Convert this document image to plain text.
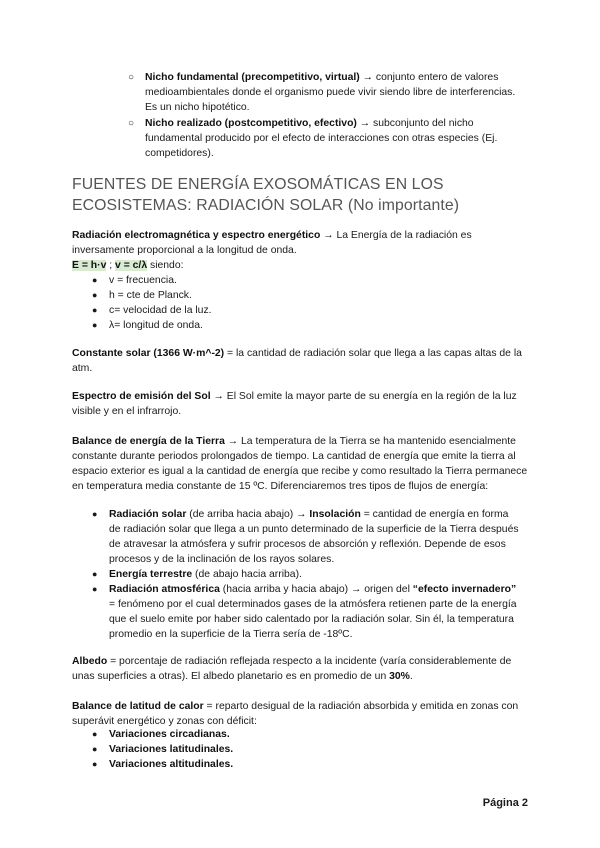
○ Nicho fundamental (precompetitivo, virtual) → conjunto entero de valores medioambientales donde el organismo puede vivir siendo libre de interferencias. Es un nicho hipotético.
○ Nicho realizado (postcompetitivo, efectivo) → subconjunto del nicho fundamental producido por el efecto de interacciones con otras especies (Ej. competidores).
FUENTES DE ENERGÍA EXOSOMÁTICAS EN LOS ECOSISTEMAS: RADIACIÓN SOLAR (No importante)

Radiación electromagnética y espectro energético → La Energía de la radiación es inversamente proporcional a la longitud de onda.

E = h·v ; v = c/λ siendo:

● v = frecuencia.
● h = cte de Planck.
● c= velocidad de la luz.
● λ= longitud de onda.

Constante solar (1366 W·m^-2) = la cantidad de radiación solar que llega a las capas altas de la atm.

Espectro de emisión del Sol → El Sol emite la mayor parte de su energía en la región de la luz visible y en el infrarrojo.

Balance de energía de la Tierra → La temperatura de la Tierra se ha mantenido esencialmente constante durante periodos prolongados de tiempo. La cantidad de energía que emite la tierra al espacio exterior es igual a la cantidad de energía que recibe y como resultado la Tierra permanece en temperatura media constante de 15 ºC. Diferenciaremos tres tipos de flujos de energía:

● Radiación solar (de arriba hacia abajo) → Insolación = cantidad de energía en forma de radiación solar que llega a un punto determinado de la superficie de la Tierra después de atravesar la atmósfera y sufrir procesos de absorción y reflexión. Depende de esos procesos y de la inclinación de los rayos solares.
● Energía terrestre (de abajo hacia arriba).
● Radiación atmosférica (hacia arriba y hacia abajo) → origen del “efecto invernadero” = fenómeno por el cual determinados gases de la atmósfera retienen parte de la energía que el suelo emite por haber sido calentado por la radiación solar. Sin él, la temperatura promedio en la superficie de la Tierra sería de -18ºC.

Albedo = porcentaje de radiación reflejada respecto a la incidente (varía considerablemente de unas superficies a otras). El albedo planetario es en promedio de un 30%.

Balance de latitud de calor = reparto desigual de la radiación absorbida y emitida en zonas con superávit energético y zonas con déficit:

● Variaciones circadianas.
● Variaciones latitudinales.
● Variaciones altitudinales.
Página 2
